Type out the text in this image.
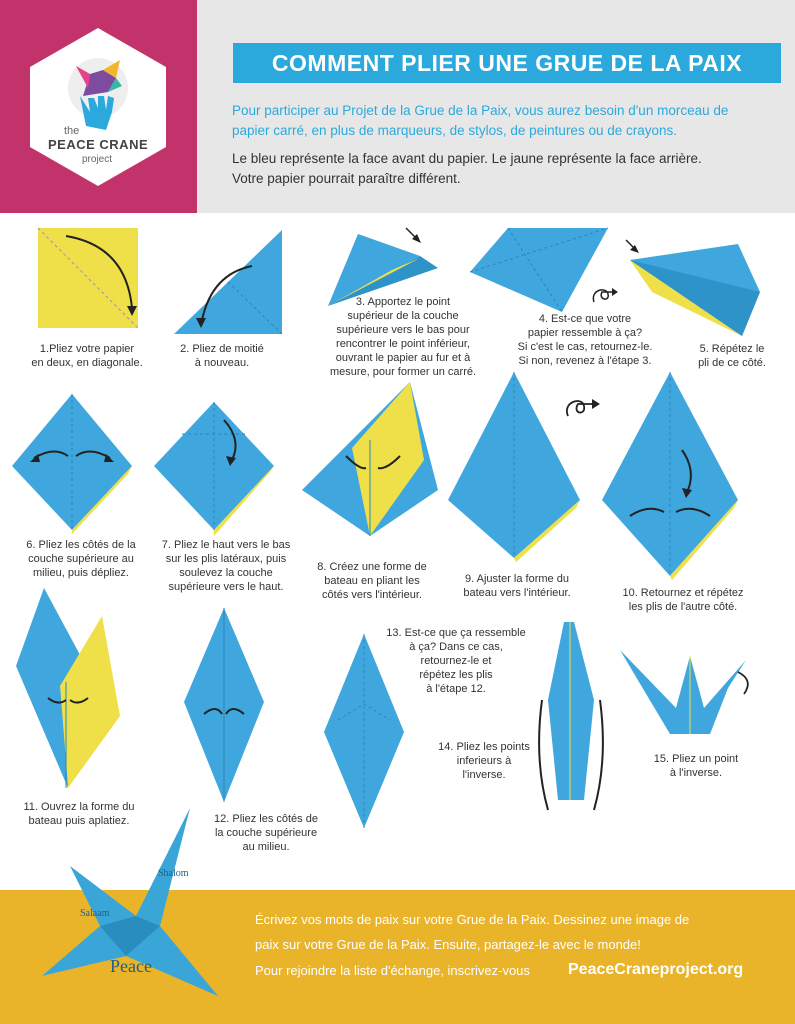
the
PEACE CRANE
project
COMMENT PLIER UNE GRUE DE LA PAIX
Pour participer au Projet de la Grue de la Paix, vous aurez besoin d'un morceau de
papier carré, en plus de marqueurs, de stylos, de peintures ou de crayons.
Le bleu représente la face avant du papier. Le jaune représente la face arrière.
Votre papier pourrait paraître différent.
1.Pliez votre papier
en deux, en diagonale.
2. Pliez de moitié
à nouveau.
3. Apportez le point
supérieur de la couche
supérieure vers le bas pour
rencontrer le point inférieur,
ouvrant le papier au fur et à
mesure, pour former un carré.
4. Est-ce que votre
papier ressemble à ça?
Si c'est le cas, retournez-le.
Si non, revenez à l'étape 3.
5. Répétez le
pli de ce côté.
6. Pliez les côtés de la
couche supérieure au
milieu, puis dépliez.
7. Pliez le haut vers le bas
sur les plis latéraux, puis
soulevez la couche
supérieure vers le haut.
8. Créez une forme de
bateau en pliant les
côtés vers l'intérieur.
9. Ajuster la forme du
bateau vers l'intérieur.	10. Retournez et répétez
les plis de l'autre côté.
11. Ouvrez la forme du
bateau puis aplatiez.	12. Pliez les côtés de
la couche supérieure
au milieu.
13. Est-ce que ça ressemble
à ça? Dans ce cas,
retournez-le et
répétez les plis
à l'étape 12.
14. Pliez les points
inferieurs à
l'inverse.
15. Pliez un point
à l'inverse.
Peace
Shalom
Salaam	Écrivez vos mots de paix sur votre Grue de la Paix. Dessinez une image de
paix sur votre Grue de la Paix. Ensuite, partagez-le avec le monde!
Pour rejoindre la liste d'échange, inscrivez-vous PeaceCraneproject.org
